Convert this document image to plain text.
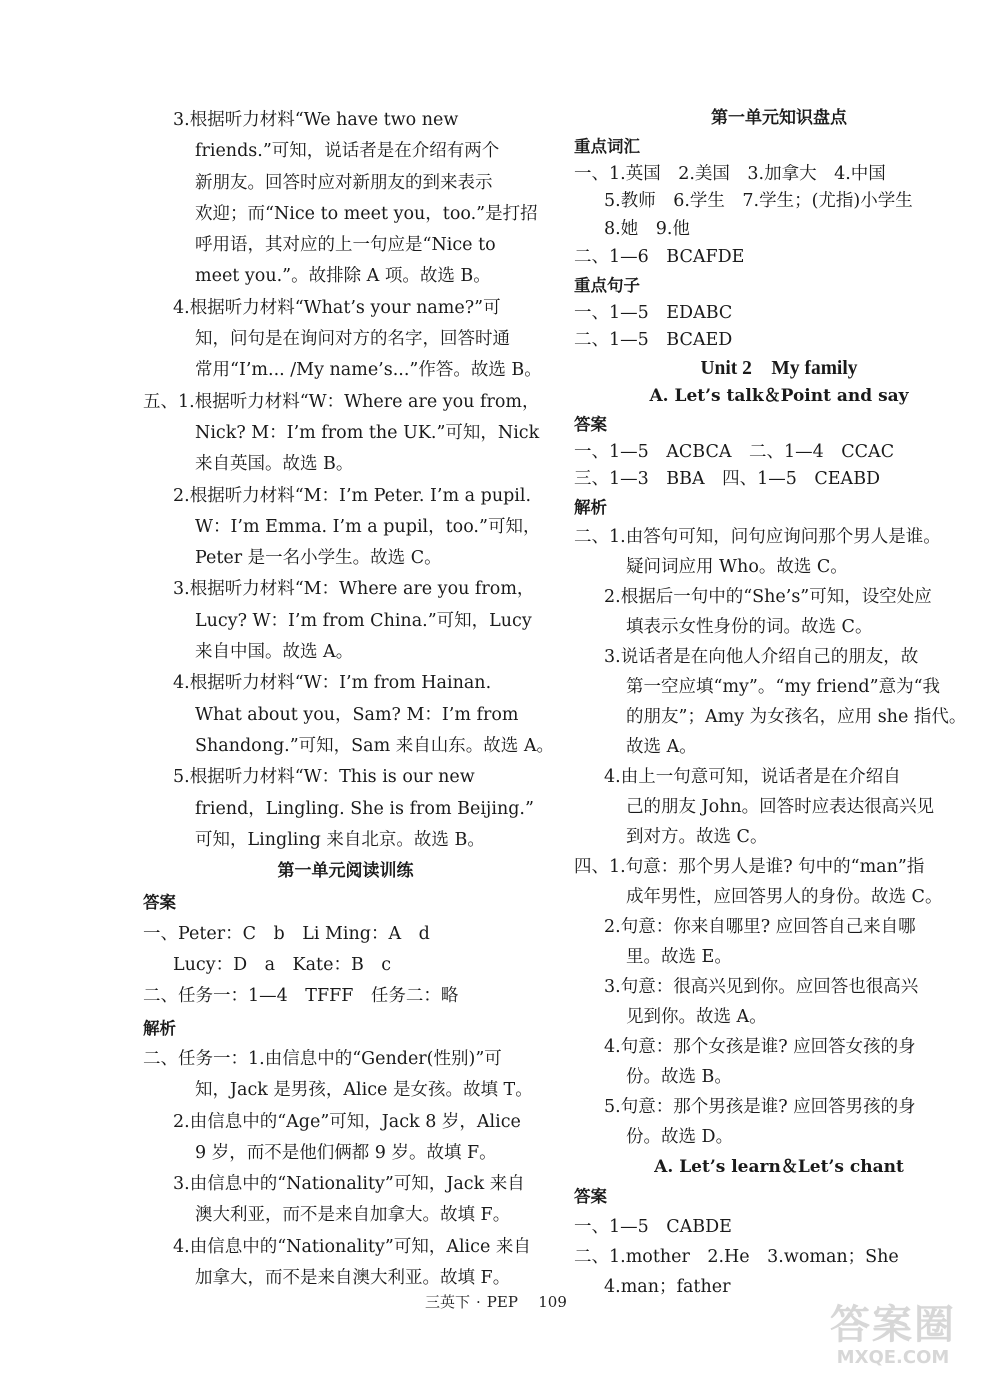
3.根据听力材料“We have two new
friends.”可知，说话者是在介绍有两个
新朋友。回答时应对新朋友的到来表示
欢迎；而“Nice to meet you，too.”是打招
呼用语，其对应的上一句应是“Nice to
meet you.”。故排除 A 项。故选 B。
4.根据听力材料“What’s your name?”可
知，问句是在询问对方的名字，回答时通
常用“I’m... /My name’s...”作答。故选 B。
五、1.根据听力材料“W：Where are you from，
Nick? M：I’m from the UK.”可知，Nick
来自英国。故选 B。
2.根据听力材料“M：I’m Peter. I’m a pupil.
W：I’m Emma. I’m a pupil，too.”可知，
Peter 是一名小学生。故选 C。
3.根据听力材料“M：Where are you from，
Lucy? W：I’m from China.”可知，Lucy
来自中国。故选 A。
4.根据听力材料“W：I’m from Hainan.
What about you，Sam? M：I’m from
Shandong.”可知，Sam 来自山东。故选 A。
5.根据听力材料“W：This is our new
friend，Lingling. She is from Beijing.”
可知，Lingling 来自北京。故选 B。
第一单元阅读训练
答案
一、Peter：C　b　Li Ming：A　d
Lucy：D　a　Kate：B　c
二、任务一：1—4　TFFF　任务二：略
解析
二、任务一：1.由信息中的“Gender(性别)”可
知，Jack 是男孩，Alice 是女孩。故填 T。
2.由信息中的“Age”可知，Jack 8 岁，Alice
9 岁，而不是他们俩都 9 岁。故填 F。
3.由信息中的“Nationality”可知，Jack 来自
澳大利亚，而不是来自加拿大。故填 F。
4.由信息中的“Nationality”可知，Alice 来自
加拿大，而不是来自澳大利亚。故填 F。
第一单元知识盘点
重点词汇
一、1.英国　2.美国　3.加拿大　4.中国
5.教师　6.学生　7.学生；(尤指)小学生
8.她　9.他
二、1—6　BCAFDE
重点句子
一、1—5　EDABC
二、1—5　BCAED
Unit 2　My family
A. Let’s talk＆Point and say
答案
一、1—5　ACBCA　二、1—4　CCAC
三、1—3　BBA　四、1—5　CEABD
解析
二、1.由答句可知，问句应询问那个男人是谁。
疑问词应用 Who。故选 C。
2.根据后一句中的“She’s”可知，设空处应
填表示女性身份的词。故选 C。
3.说话者是在向他人介绍自己的朋友，故
第一空应填“my”。“my friend”意为“我
的朋友”；Amy 为女孩名，应用 she 指代。
故选 A。
4.由上一句意可知，说话者是在介绍自
己的朋友 John。回答时应表达很高兴见
到对方。故选 C。
四、1.句意：那个男人是谁? 句中的“man”指
成年男性，应回答男人的身份。故选 C。
2.句意：你来自哪里? 应回答自己来自哪
里。故选 E。
3.句意：很高兴见到你。应回答也很高兴
见到你。故选 A。
4.句意：那个女孩是谁? 应回答女孩的身
份。故选 B。
5.句意：那个男孩是谁? 应回答男孩的身
份。故选 D。
A. Let’s learn＆Let’s chant
答案
一、1—5　CABDE
二、1.mother　2.He　3.woman；She
4.man；father
三英下 · PEP 109	答案圈
MXQE.COM
